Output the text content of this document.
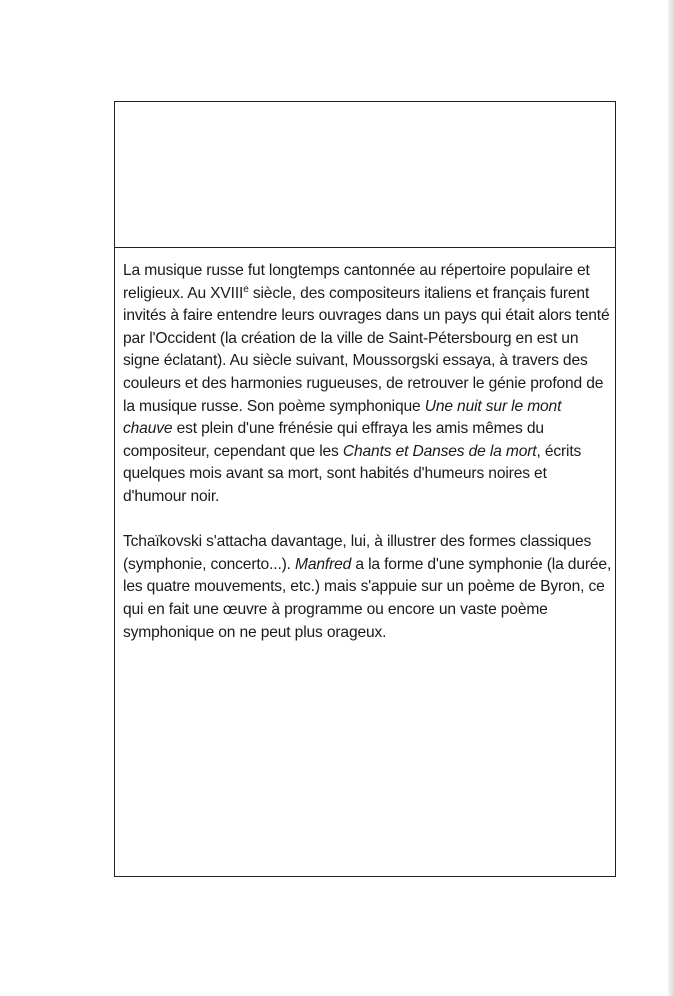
La musique russe fut longtemps cantonnée au répertoire populaire et religieux. Au XVIIIe siècle, des compositeurs italiens et français furent invités à faire entendre leurs ouvrages dans un pays qui était alors tenté par l'Occident (la création de la ville de Saint-Pétersbourg en est un signe éclatant). Au siècle suivant, Moussorgski essaya, à travers des couleurs et des harmonies rugueuses, de retrouver le génie profond de la musique russe. Son poème symphonique Une nuit sur le mont chauve est plein d'une frénésie qui effraya les amis mêmes du compositeur, cependant que les Chants et Danses de la mort, écrits quelques mois avant sa mort, sont habités d'humeurs noires et d'humour noir.

Tchaïkovski s'attacha davantage, lui, à illustrer des formes classiques (symphonie, concerto...). Manfred a la forme d'une symphonie (la durée, les quatre mouvements, etc.) mais s'appuie sur un poème de Byron, ce qui en fait une œuvre à programme ou encore un vaste poème symphonique on ne peut plus orageux.
